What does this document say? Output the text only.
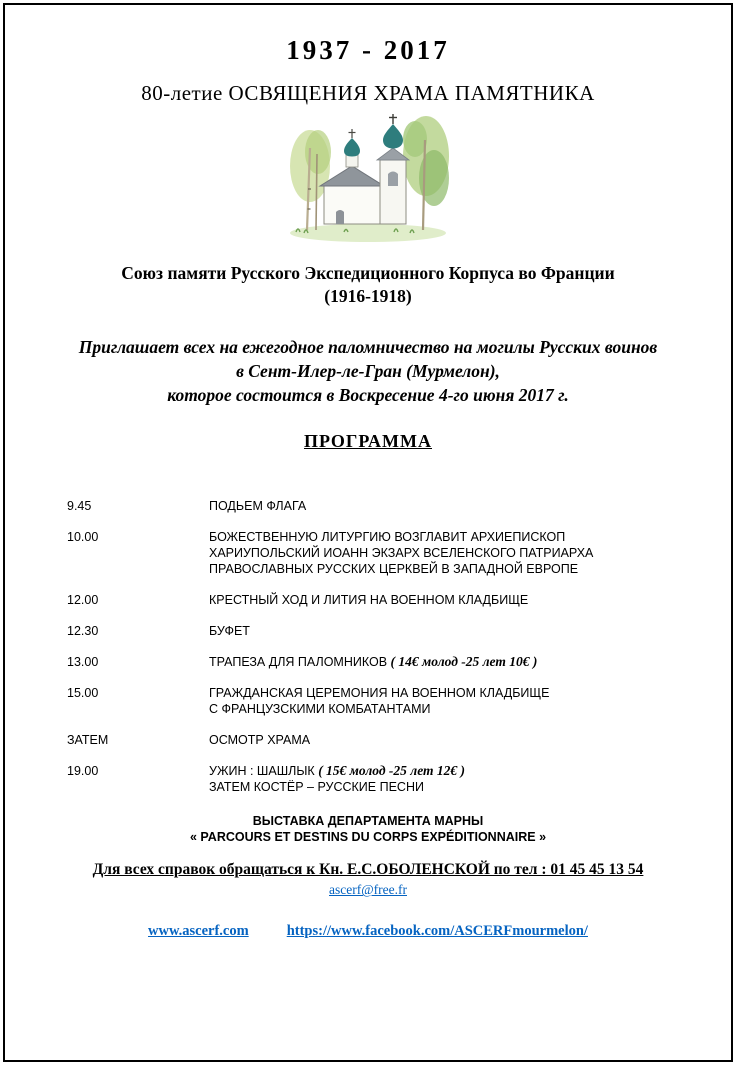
1937 - 2017
80-летие ОСВЯЩЕНИЯ ХРАМА ПАМЯТНИКА
Союз памяти Русского Экспедиционного Корпуса во Франции
(1916-1918)
Приглашает всех на ежегодное паломничество на могилы Русских воинов
в Сент-Илер-ле-Гран (Мурмелон),
которое состоится в Воскресение 4-го июня 2017 г.
ПРОГРАММА
9.45	ПОДЬЕМ ФЛАГА
10.00	БОЖЕСТВЕННУЮ ЛИТУРГИЮ ВОЗГЛАВИТ АРХИЕПИСКОП
ХАРИУПОЛЬСКИЙ ИОАНН ЭКЗАРХ ВСЕЛЕНСКОГО ПАТРИАРХА
ПРАВОСЛАВНЫХ РУССКИХ ЦЕРКВЕЙ В ЗАПАДНОЙ ЕВРОПЕ
12.00	КРЕСТНЫЙ ХОД И ЛИТИЯ НА ВОЕННОМ КЛАДБИЩЕ
12.30	БУФЕТ
13.00	ТРАПЕЗА ДЛЯ ПАЛОМНИКОВ ( 14€ молод -25 лет 10€ )
15.00	ГРАЖДАНСКАЯ ЦЕРЕМОНИЯ НА ВОЕННОМ КЛАДБИЩЕ
С ФРАНЦУЗСКИМИ КОМБАТАНТАМИ
ЗАТЕМ	ОСМОТР ХРАМА
19.00	УЖИН : ШАШЛЫК ( 15€ молод -25 лет 12€ )
ЗАТЕМ КОСТЁР – РУССКИЕ ПЕСНИ
ВЫСТАВКА ДЕПАРТАМЕНТА МАРНЫ
« PARCOURS ET DESTINS DU CORPS EXPÉDITIONNAIRE »
Для всех справок обращаться к Кн. Е.С.ОБОЛЕНСКОЙ по тел : 01 45 45 13 54
ascerf@free.fr
www.ascerf.com	https://www.facebook.com/ASCERFmourmelon/
